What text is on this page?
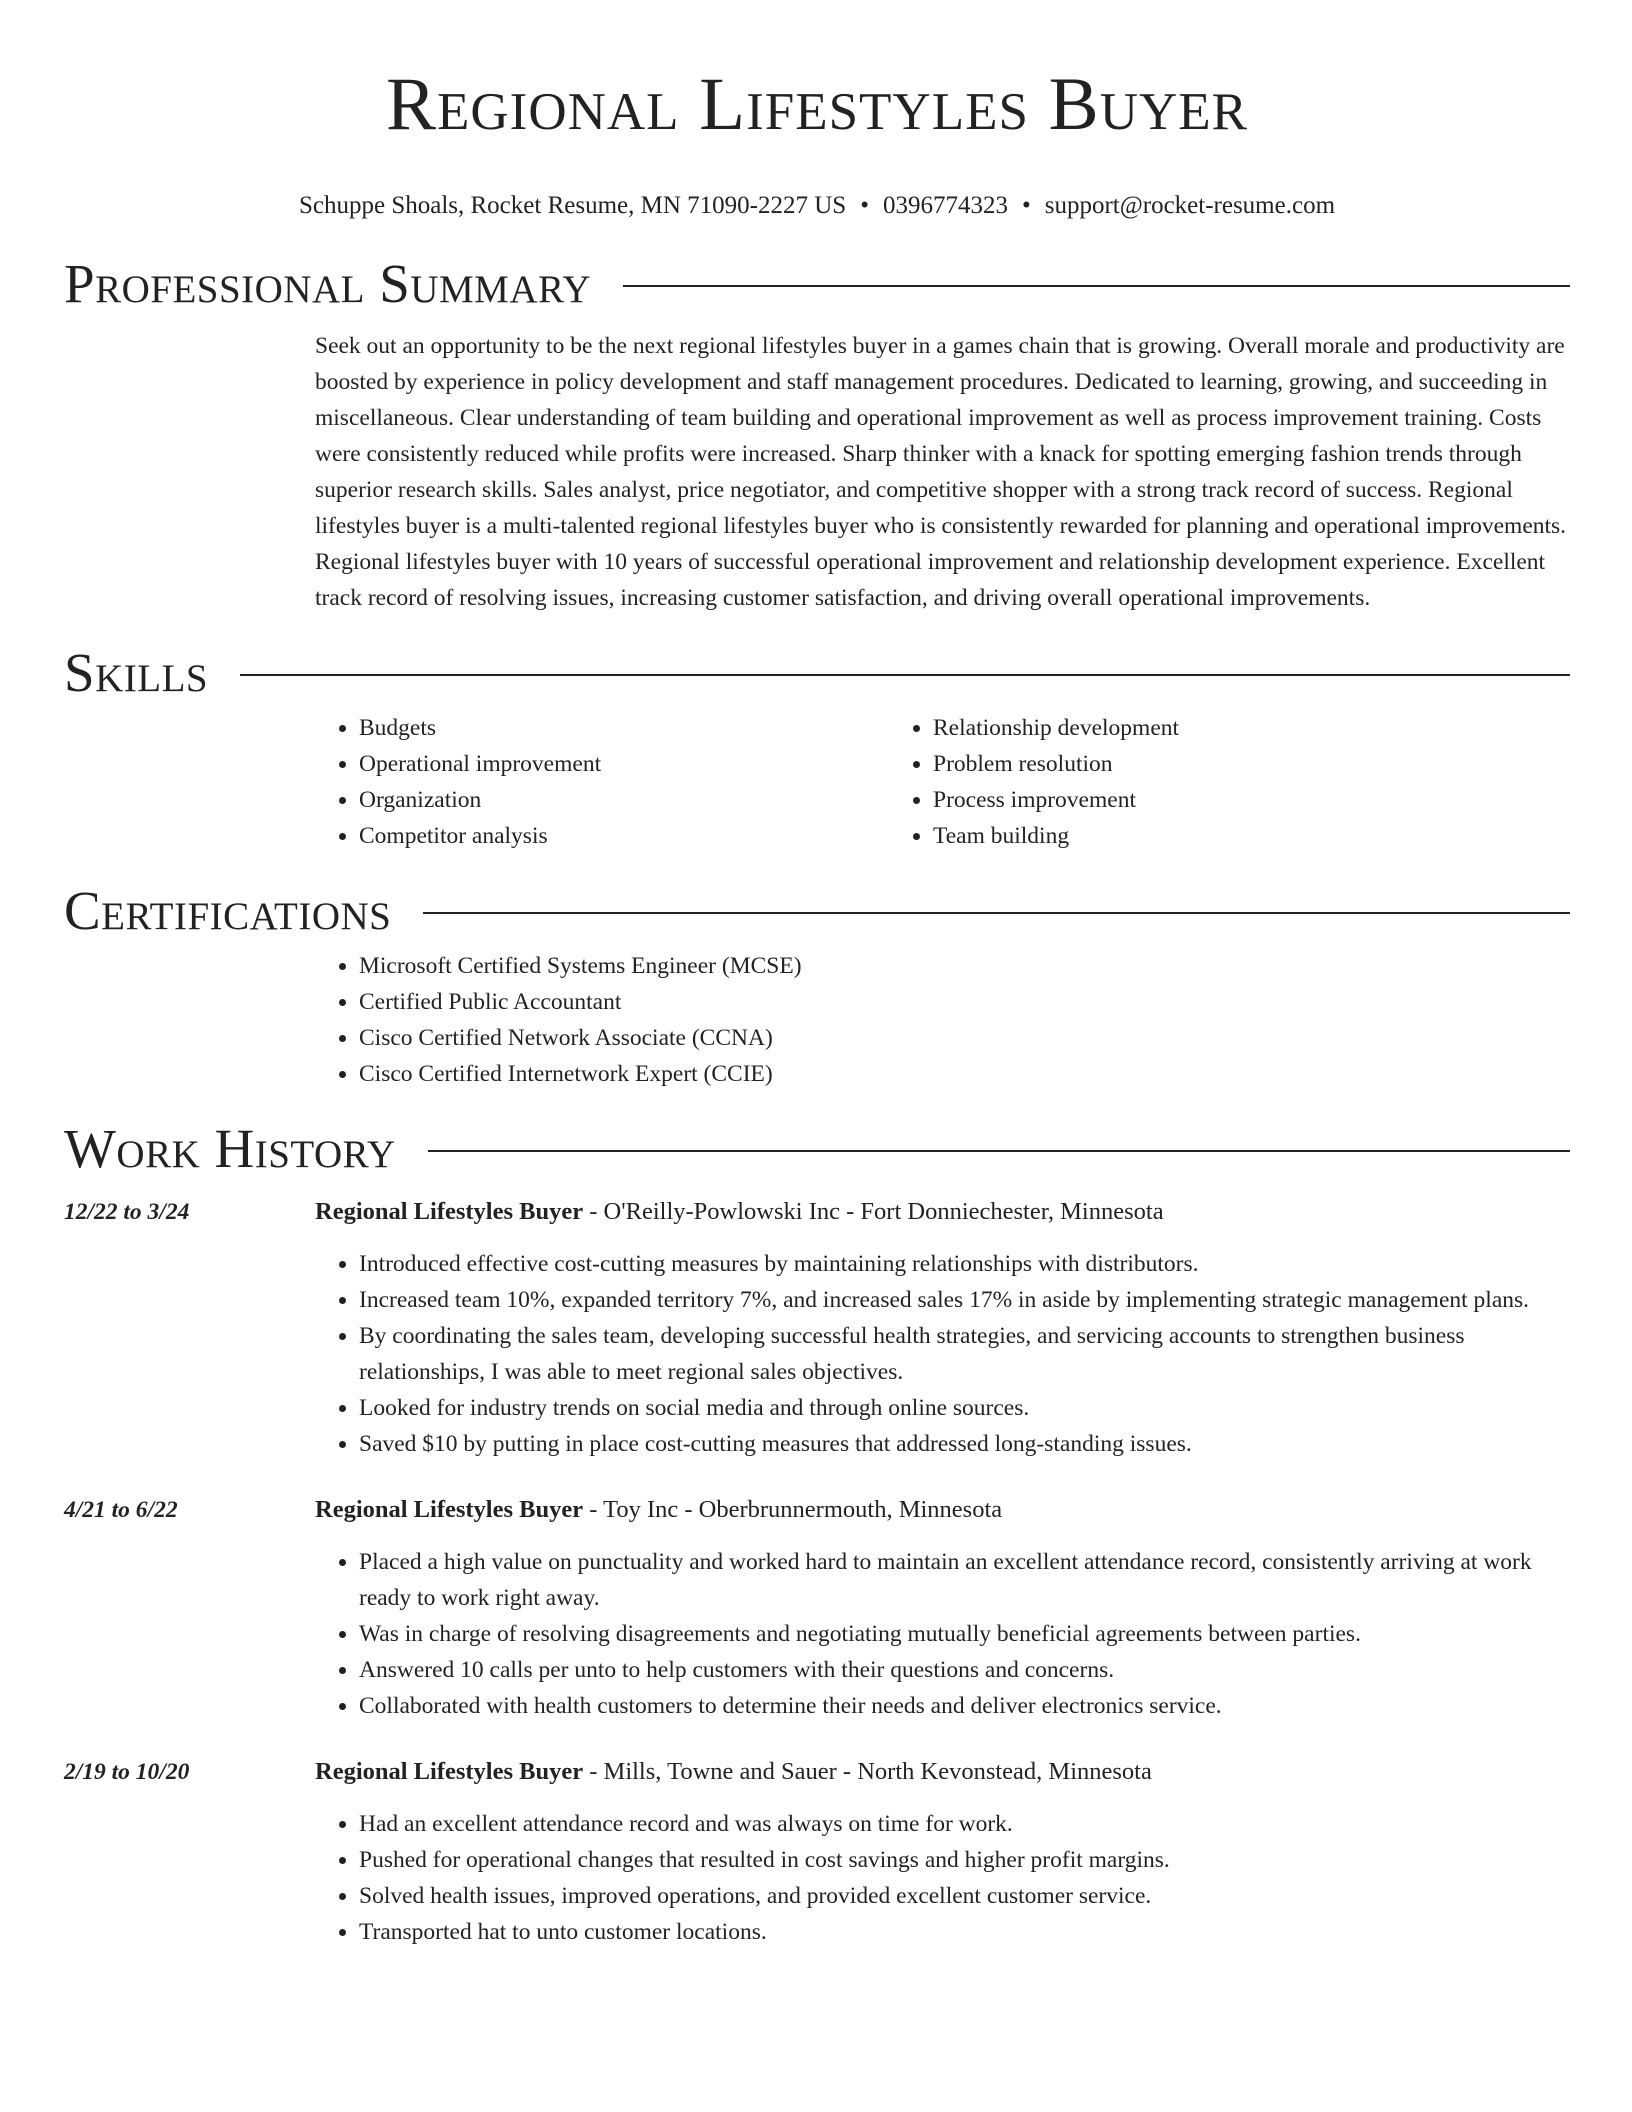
Regional Lifestyles Buyer
Schuppe Shoals, Rocket Resume, MN 71090-2227 US • 0396774323 • support@rocket-resume.com
Professional Summary

Seek out an opportunity to be the next regional lifestyles buyer in a games chain that is growing. Overall morale and productivity are boosted by experience in policy development and staff management procedures. Dedicated to learning, growing, and succeeding in miscellaneous. Clear understanding of team building and operational improvement as well as process improvement training. Costs were consistently reduced while profits were increased. Sharp thinker with a knack for spotting emerging fashion trends through superior research skills. Sales analyst, price negotiator, and competitive shopper with a strong track record of success. Regional lifestyles buyer is a multi-talented regional lifestyles buyer who is consistently rewarded for planning and operational improvements. Regional lifestyles buyer with 10 years of successful operational improvement and relationship development experience. Excellent track record of resolving issues, increasing customer satisfaction, and driving overall operational improvements.

Skills
• Budgets
• Operational improvement
• Organization
• Competitor analysis
• Relationship development
• Problem resolution
• Process improvement
• Team building
Certifications
• Microsoft Certified Systems Engineer (MCSE)
• Certified Public Accountant
• Cisco Certified Network Associate (CCNA)
• Cisco Certified Internetwork Expert (CCIE)
Work History
12/22 to 3/24	Regional Lifestyles Buyer - O'Reilly-Powlowski Inc - Fort Donniechester, Minnesota
• Introduced effective cost-cutting measures by maintaining relationships with distributors.
• Increased team 10%, expanded territory 7%, and increased sales 17% in aside by implementing strategic management plans.
• By coordinating the sales team, developing successful health strategies, and servicing accounts to strengthen business relationships, I was able to meet regional sales objectives.
• Looked for industry trends on social media and through online sources.
• Saved $10 by putting in place cost-cutting measures that addressed long-standing issues.
4/21 to 6/22	Regional Lifestyles Buyer - Toy Inc - Oberbrunnermouth, Minnesota
• Placed a high value on punctuality and worked hard to maintain an excellent attendance record, consistently arriving at work ready to work right away.
• Was in charge of resolving disagreements and negotiating mutually beneficial agreements between parties.
• Answered 10 calls per unto to help customers with their questions and concerns.
• Collaborated with health customers to determine their needs and deliver electronics service.
2/19 to 10/20	Regional Lifestyles Buyer - Mills, Towne and Sauer - North Kevonstead, Minnesota
• Had an excellent attendance record and was always on time for work.
• Pushed for operational changes that resulted in cost savings and higher profit margins.
• Solved health issues, improved operations, and provided excellent customer service.
• Transported hat to unto customer locations.
